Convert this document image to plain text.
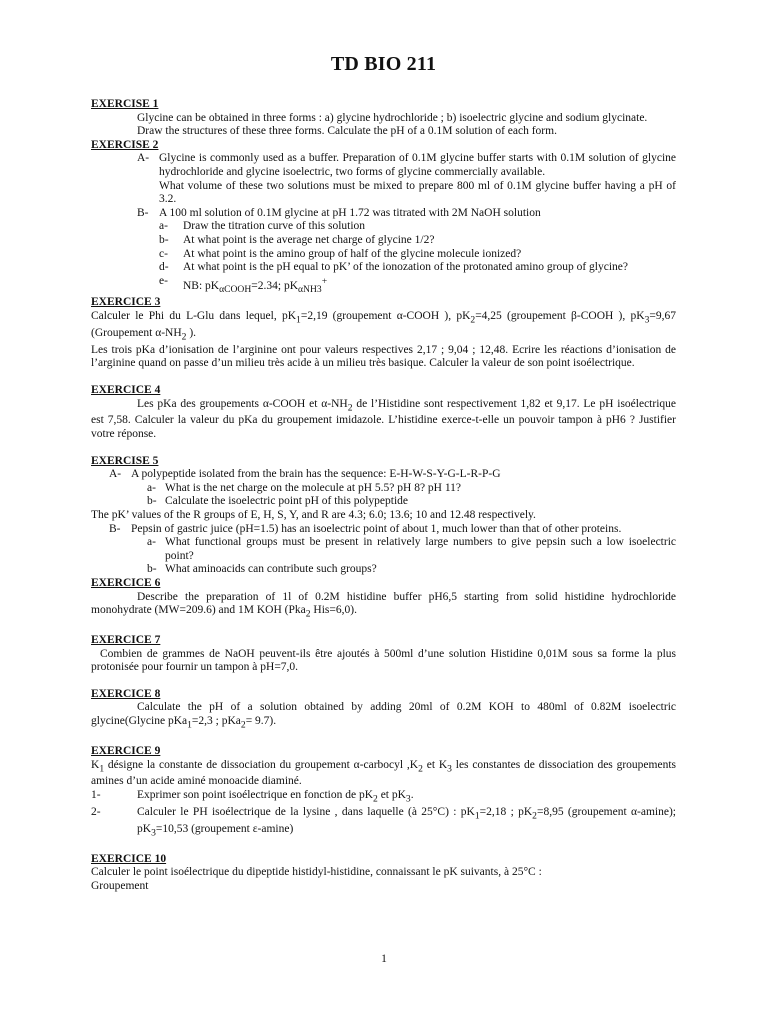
TD BIO 211

EXERCISE 1

Glycine can be obtained in three forms : a) glycine hydrochloride ; b) isoelectric glycine and sodium glycinate.

Draw the structures of these three forms. Calculate the pH of a 0.1M solution of each form.

EXERCISE 2

A- Glycine is commonly used as a buffer. Preparation of 0.1M glycine buffer starts with 0.1M solution of glycine hydrochloride and glycine isoelectric, two forms of glycine commercially available.

What volume of these two solutions must be mixed to prepare 800 ml of 0.1M glycine buffer having a pH of 3.2.

B- A 100 ml solution of 0.1M glycine at pH 1.72 was titrated with 2M NaOH solution
a-	Draw the titration curve of this solution
b-	At what point is the average net charge of glycine 1/2?
c-	At what point is the amino group of half of the glycine molecule ionized?
d-	At what point is the pH equal to pK’ of the ionozation of the protonated amino group of glycine?
e-	NB: $pK_{\alpha COOH}=2.34$; $pK_{\alpha NH3}^+$

EXERCICE 3

Calculer le Phi du L-Glu dans lequel, $pK_1=2,19$ (groupement α-COOH ), $pK_2=4,25$ (groupement β-COOH ), $pK_3=9,67$ (Groupement $\alpha-NH_2$ ).

Les trois pKa d’ionisation de l’arginine ont pour valeurs respectives 2,17 ; 9,04 ; 12,48. Ecrire les réactions d’ionisation de l’arginine quand on passe d’un milieu très acide à un milieu très basique. Calculer la valeur de son point isoélectrique.

EXERCICE 4

Les pKa des groupements α-COOH et $\alpha-NH_2$ de l’Histidine sont respectivement 1,82 et 9,17. Le pH isoélectrique est 7,58. Calculer la valeur du pKa du groupement imidazole. L’histidine exerce-t-elle un pouvoir tampon à pH6 ? Justifier votre réponse.

EXERCISE 5

A- A polypeptide isolated from the brain has the sequence: E-H-W-S-Y-G-L-R-P-G
a- What is the net charge on the molecule at pH 5.5? pH 8? pH 11?
b- Calculate the isoelectric point pH of this polypeptide

The pK’ values of the R groups of E, H, S, Y, and R are 4.3; 6.0; 13.6; 10 and 12.48 respectively.

B- Pepsin of gastric juice (pH=1.5) has an isoelectric point of about 1, much lower than that of other proteins.
a- What functional groups must be present in relatively large numbers to give pepsin such a low isoelectric point?
b- What aminoacids can contribute such groups?

EXERCICE 6

Describe the preparation of 1l of 0.2M histidine buffer pH6,5 starting from solid histidine hydrochloride monohydrate (MW=209.6) and 1M KOH (Pka$_2$ His=6,0).

EXERCICE 7

Combien de grammes de NaOH peuvent-ils être ajoutés à 500ml d’une solution Histidine 0,01M sous sa forme la plus protonisée pour fournir un tampon à pH=7,0.

EXERCICE 8

Calculate the pH of a solution obtained by adding 20ml of 0.2M KOH to 480ml of 0.82M isoelectric glycine(Glycine pKa$_1$=2,3 ; pKa$_2$= 9.7).

EXERCICE 9

$K_1$ désigne la constante de dissociation du groupement α-carbocyl $,K_2$ et $K_3$ les constantes de dissociation des groupements amines d’un acide aminé monoacide diaminé.

1-	Exprimer son point isoélectrique en fonction de $pK_2$ et $pK_3$.
2-	Calculer le PH isoélectrique de la lysine , dans laquelle (à 25°C) : $pK_1=2,18$ ; $pK_2=8,95$ (groupement α-amine); $pK_3=10,53$ (groupement ε-amine)

EXERCICE 10

Calculer le point isoélectrique du dipeptide histidyl-histidine, connaissant le pK suivants, à 25°C :

Groupement

1
